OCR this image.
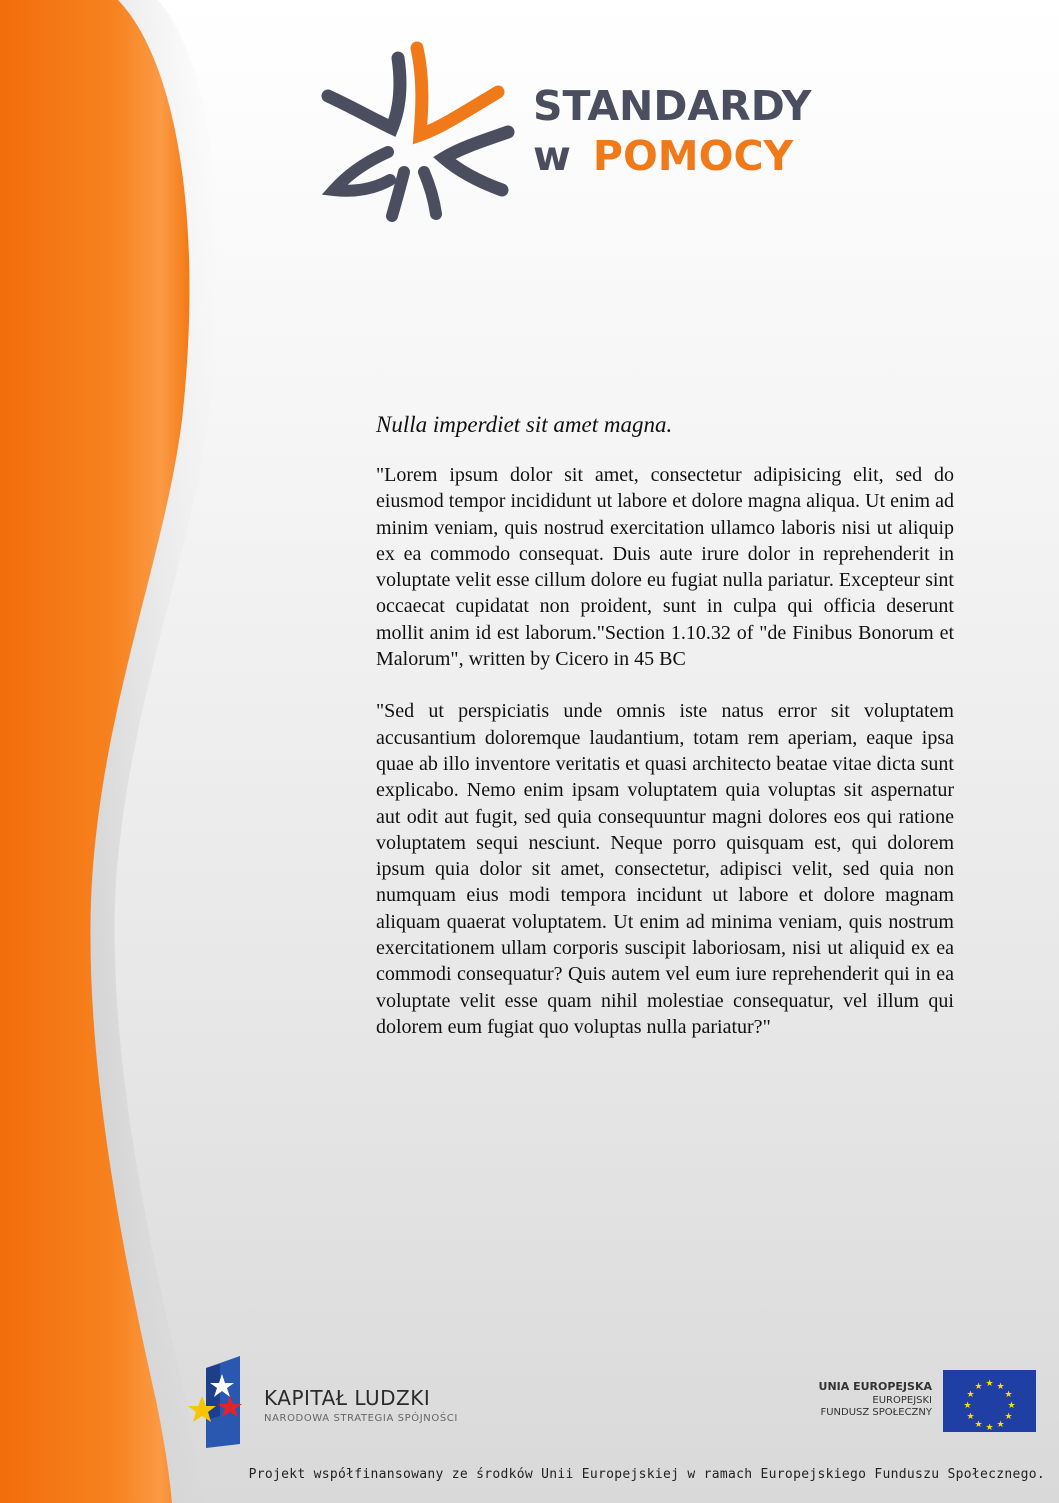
STANDARDY
w POMOCY
Nulla imperdiet sit amet magna.

"Lorem ipsum dolor sit amet, consectetur adipisicing elit, sed do eiusmod tempor incididunt ut labore et dolore magna aliqua. Ut enim ad minim veniam, quis nostrud exercitation ullamco laboris nisi ut aliquip ex ea commodo consequat. Duis aute irure dolor in reprehenderit in voluptate velit esse cillum dolore eu fugiat nulla pariatur. Excepteur sint occaecat cupidatat non proident, sunt in culpa qui officia deserunt mollit anim id est laborum."Section 1.10.32 of "de Finibus Bonorum et Malorum", written by Cicero in 45 BC

"Sed ut perspiciatis unde omnis iste natus error sit voluptatem accusantium doloremque laudantium, totam rem aperiam, eaque ipsa quae ab illo inventore veritatis et quasi architecto beatae vitae dicta sunt explicabo. Nemo enim ipsam voluptatem quia voluptas sit aspernatur aut odit aut fugit, sed quia consequuntur magni dolores eos qui ratione voluptatem sequi nesciunt. Neque porro quisquam est, qui dolorem ipsum quia dolor sit amet, consectetur, adipisci velit, sed quia non numquam eius modi tempora incidunt ut labore et dolore magnam aliquam quaerat voluptatem. Ut enim ad minima veniam, quis nostrum exercitationem ullam corporis suscipit laboriosam, nisi ut aliquid ex ea commodi consequatur? Quis autem vel eum iure reprehenderit qui in ea voluptate velit esse quam nihil molestiae consequatur, vel illum qui dolorem eum fugiat quo voluptas nulla pariatur?"

KAPITAŁ LUDZKI
NARODOWA STRATEGIA SPÓJNOŚCI
UNIA EUROPEJSKA
EUROPEJSKI
FUNDUSZ SPOŁECZNY
★ ★
★
★
★
★
★
★
★
★
★
★
Projekt współfinansowany ze środków Unii Europejskiej w ramach Europejskiego Funduszu Społecznego.
